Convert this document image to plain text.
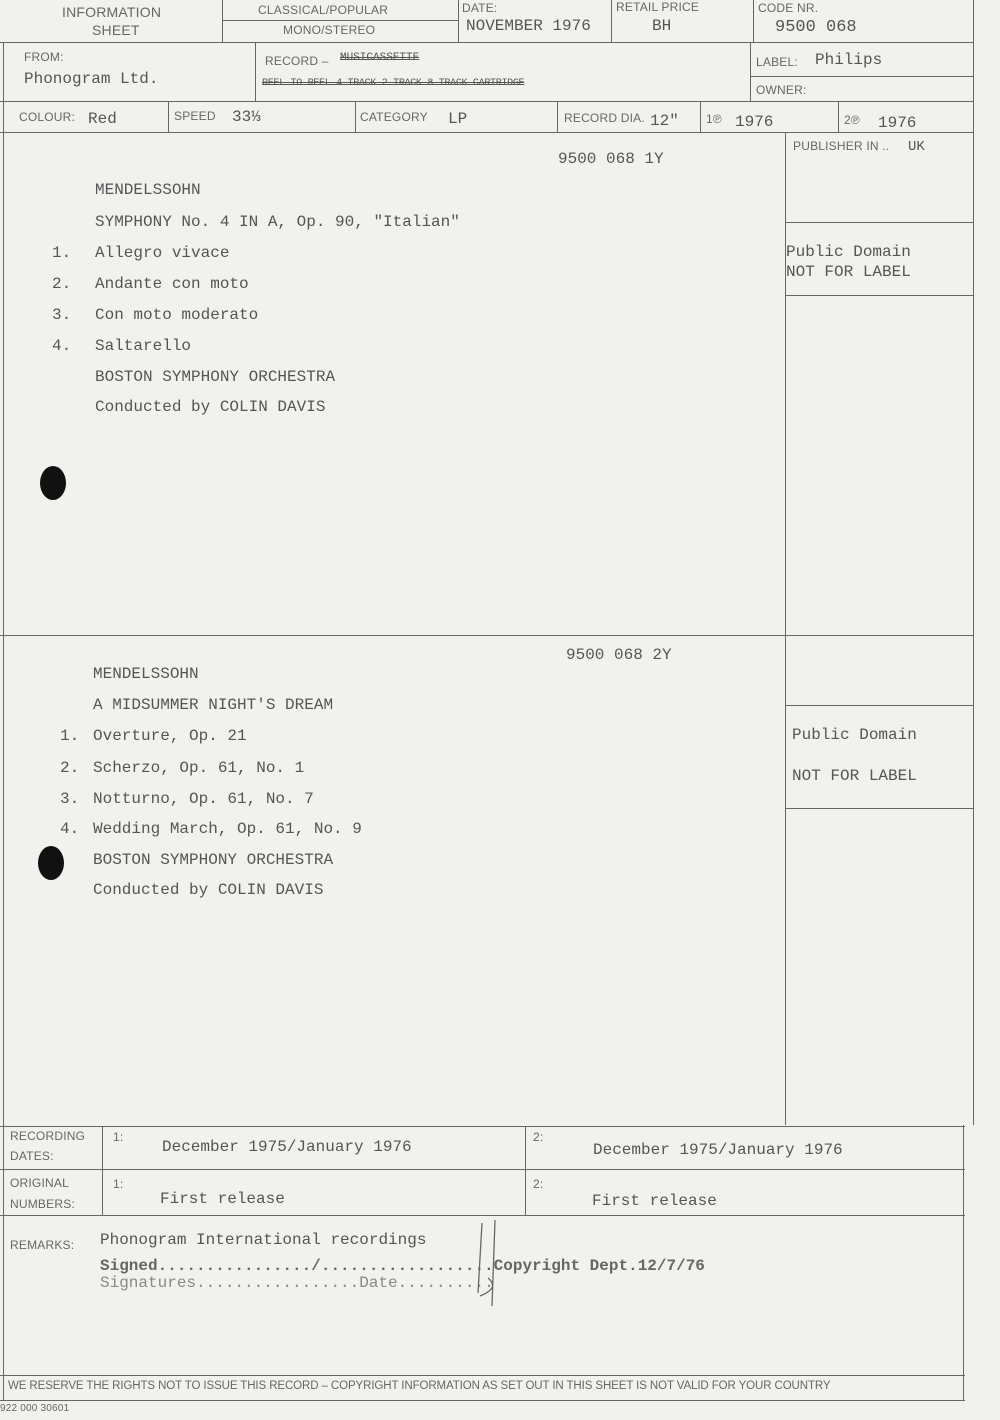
INFORMATION
SHEET
CLASSICAL/POPULAR
MONO/STEREO
DATE:
NOVEMBER 1976
RETAIL PRICE
BH
CODE NR.
9500 068
FROM:
Phonogram Ltd.
RECORD – MUSICASSETTE
REEL TO REEL 4 TRACK 2 TRACK 8 TRACK CARTRIDGE
LABEL: Philips
OWNER:
COLOUR: Red	SPEED 33⅓	CATEGORY LP	RECORD DIA. 12" 1℗ 1976	2℗ 1976
PUBLISHER IN .. UK
9500 068 1Y
MENDELSSOHN
SYMPHONY No. 4 IN A, Op. 90, "Italian"
1. Allegro vivace
2. Andante con moto
3. Con moto moderato
4. Saltarello
BOSTON SYMPHONY ORCHESTRA
Conducted by COLIN DAVIS
Public Domain
NOT FOR LABEL
9500 068 2Y
MENDELSSOHN
A MIDSUMMER NIGHT'S DREAM
1. Overture, Op. 21
2. Scherzo, Op. 61, No. 1
3. Notturno, Op. 61, No. 7
4. Wedding March, Op. 61, No. 9
BOSTON SYMPHONY ORCHESTRA
Conducted by COLIN DAVIS
Public Domain
NOT FOR LABEL
RECORDING
DATES:
1:
December 1975/January 1976
2:
December 1975/January 1976
ORIGINAL
NUMBERS:
1:
First release
2:
First release
REMARKS: Phonogram International recordings
Signed................/..................Copyright Dept.12/7/76
Signatures.................Date..........
WE RESERVE THE RIGHTS NOT TO ISSUE THIS RECORD – COPYRIGHT INFORMATION AS SET OUT IN THIS SHEET IS NOT VALID FOR YOUR COUNTRY
922 000 30601
